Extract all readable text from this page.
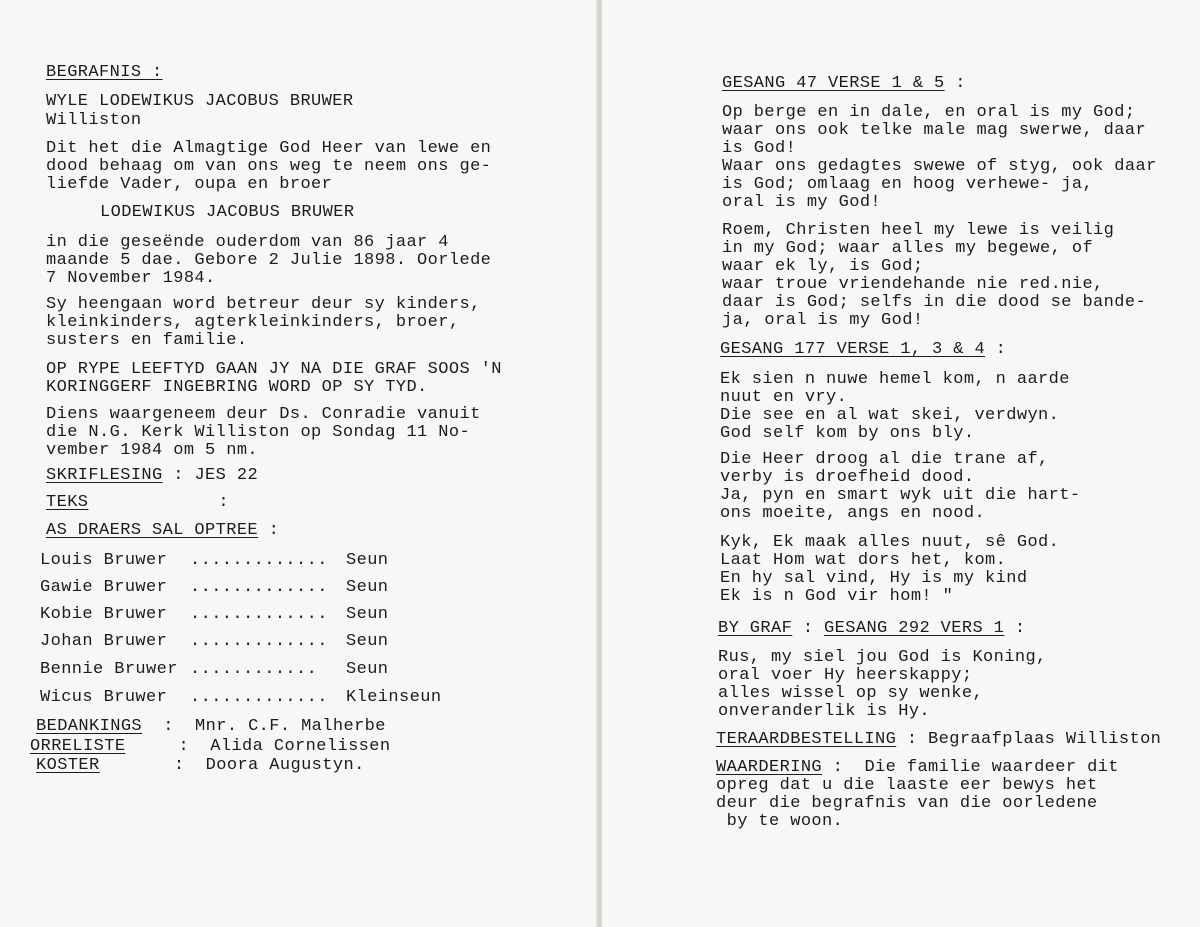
BEGRAFNIS :
WYLE LODEWIKUS JACOBUS BRUWER
Williston
Dit het die Almagtige God Heer van lewe en
dood behaag om van ons weg te neem ons ge-
liefde Vader, oupa en broer
LODEWIKUS JACOBUS BRUWER
in die geseënde ouderdom van 86 jaar 4
maande 5 dae. Gebore 2 Julie 1898. Oorlede
7 November 1984.
Sy heengaan word betreur deur sy kinders,
kleinkinders, agterkleinkinders, broer,
susters en familie.
OP RYPE LEEFTYD GAAN JY NA DIE GRAF SOOS 'N
KORINGGERF INGEBRING WORD OP SY TYD.
Diens waargeneem deur Ds. Conradie vanuit
die N.G. Kerk Williston op Sondag 11 No-
vember 1984 om 5 nm.
SKRIFLESING : JES 22
TEKS	:
AS DRAERS SAL OPTREE :
Louis Bruwer ............. Seun
Gawie Bruwer ............. Seun
Kobie Bruwer ............. Seun
Johan Bruwer ............. Seun
Bennie Bruwer ............ Seun
Wicus Bruwer ............. Kleinseun
BEDANKINGS :  Mnr. C.F. Malherbe
ORRELISTE	:  Alida Cornelissen
KOSTER	:  Doora Augustyn.
GESANG 47 VERSE 1 & 5 :
Op berge en in dale, en oral is my God;
waar ons ook telke male mag swerwe, daar
is God!
Waar ons gedagtes swewe of styg, ook daar
is God; omlaag en hoog verhewe- ja,
oral is my God!
Roem, Christen heel my lewe is veilig
in my God; waar alles my begewe, of
waar ek ly, is God;
waar troue vriendehande nie red.nie,
daar is God; selfs in die dood se bande-
ja, oral is my God!
GESANG 177 VERSE 1, 3 & 4 :
Ek sien n nuwe hemel kom, n aarde
nuut en vry.
Die see en al wat skei, verdwyn.
God self kom by ons bly.
Die Heer droog al die trane af,
verby is droefheid dood.
Ja, pyn en smart wyk uit die hart-
ons moeite, angs en nood.
Kyk, Ek maak alles nuut, sê God.
Laat Hom wat dors het, kom.
En hy sal vind, Hy is my kind
Ek is n God vir hom! "
BY GRAF : GESANG 292 VERS 1 :
Rus, my siel jou God is Koning,
oral voer Hy heerskappy;
alles wissel op sy wenke,
onveranderlik is Hy.
TERAARDBESTELLING : Begraafplaas Williston
WAARDERING :  Die familie waardeer dit
opreg dat u die laaste eer bewys het
deur die begrafnis van die oorledene
by te woon.
